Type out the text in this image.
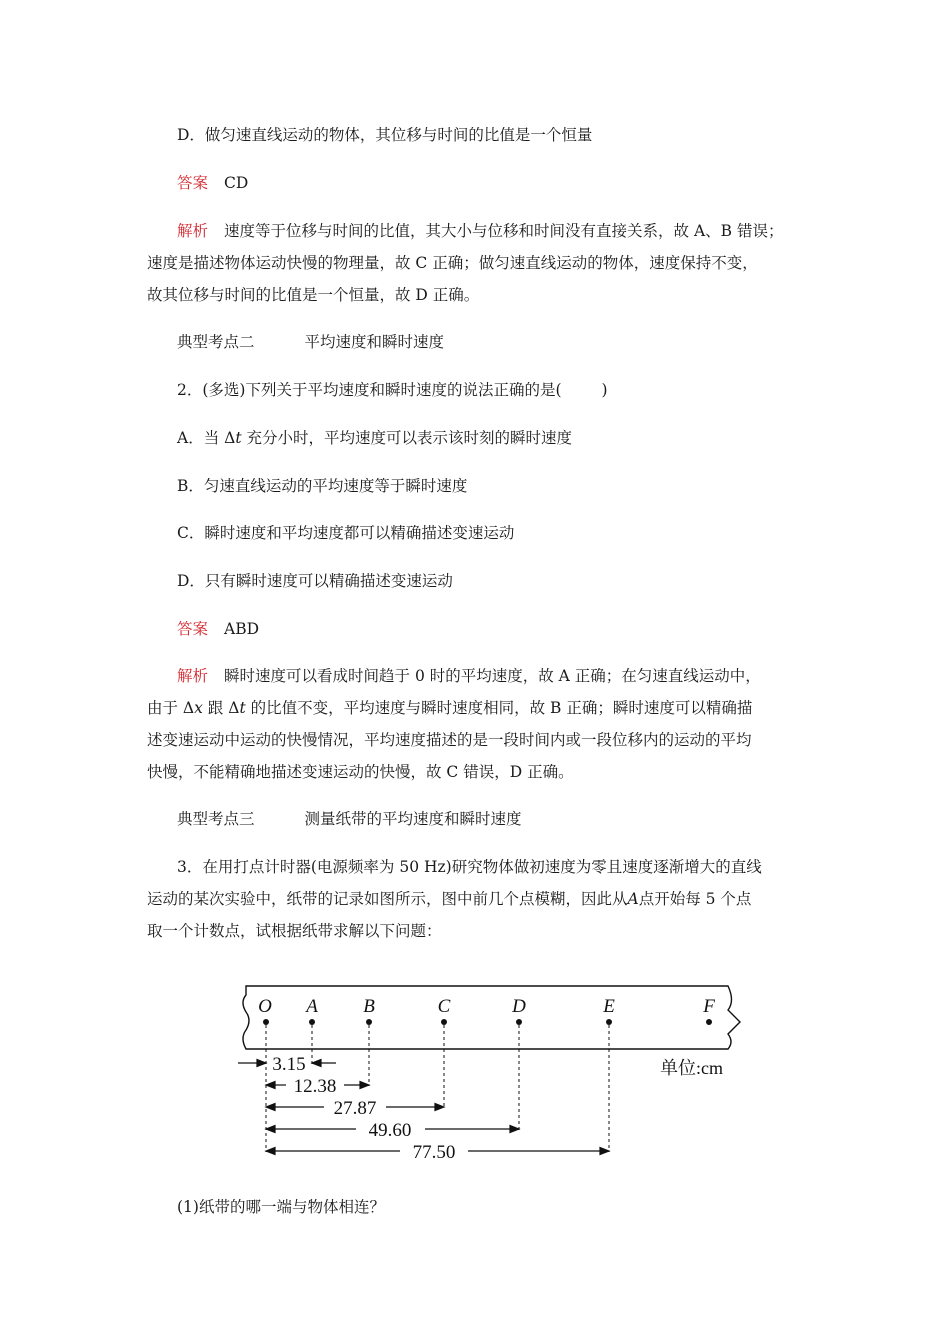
D．做匀速直线运动的物体，其位移与时间的比值是一个恒量
答案 CD
解析 速度等于位移与时间的比值，其大小与位移和时间没有直接关系，故 A、B 错误；
速度是描述物体运动快慢的物理量，故 C 正确；做匀速直线运动的物体，速度保持不变，
故其位移与时间的比值是一个恒量，故 D 正确。
典型考点二	平均速度和瞬时速度
2．(多选)下列关于平均速度和瞬时速度的说法正确的是(	)
A．当 Δt 充分小时，平均速度可以表示该时刻的瞬时速度
B．匀速直线运动的平均速度等于瞬时速度
C．瞬时速度和平均速度都可以精确描述变速运动
D．只有瞬时速度可以精确描述变速运动
答案 ABD
解析 瞬时速度可以看成时间趋于 0 时的平均速度，故 A 正确；在匀速直线运动中，
由于 Δx 跟 Δt 的比值不变，平均速度与瞬时速度相同，故 B 正确；瞬时速度可以精确描
述变速运动中运动的快慢情况，平均速度描述的是一段时间内或一段位移内的运动的平均
快慢，不能精确地描述变速运动的快慢，故 C 错误，D 正确。
典型考点三	测量纸带的平均速度和瞬时速度
3．在用打点计时器(电源频率为 50 Hz)研究物体做初速度为零且速度逐渐增大的直线
运动的某次实验中，纸带的记录如图所示，图中前几个点模糊，因此从A点开始每 5 个点
取一个计数点，试根据纸带求解以下问题：
O A B	C	D	E	F
3.15
12.38
27.87
49.60
77.50
单位:cm
(1)纸带的哪一端与物体相连？
